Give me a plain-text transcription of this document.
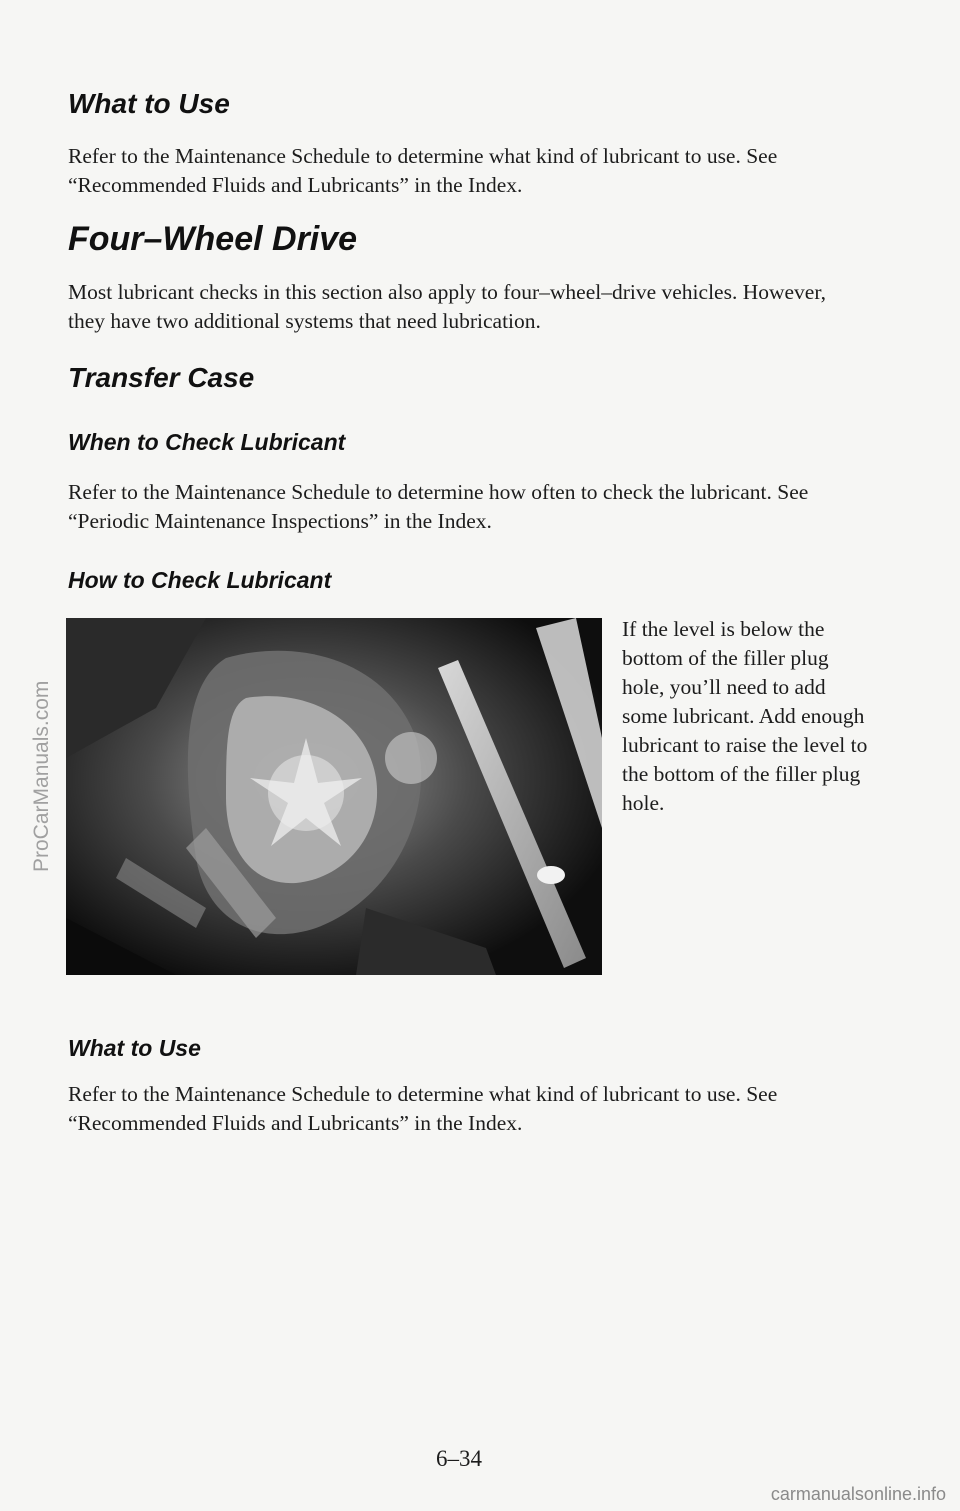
What to Use

Refer to the Maintenance Schedule to determine what kind of lubricant to use. See “Recommended Fluids and Lubricants” in the Index.

Four–Wheel Drive

Most lubricant checks in this section also apply to four–wheel–drive vehicles. However, they have two additional systems that need lubrication.

Transfer Case
When to Check Lubricant

Refer to the Maintenance Schedule to determine how often to check the lubricant. See “Periodic Maintenance Inspections” in the Index.

How to Check Lubricant

If the level is below the bottom of the filler plug hole, you’ll need to add some lubricant. Add enough lubricant to raise the level to the bottom of the filler plug hole.

What to Use

Refer to the Maintenance Schedule to determine what kind of lubricant to use. See “Recommended Fluids and Lubricants” in the Index.

ProCarManuals.com

6–34

carmanualsonline.info
